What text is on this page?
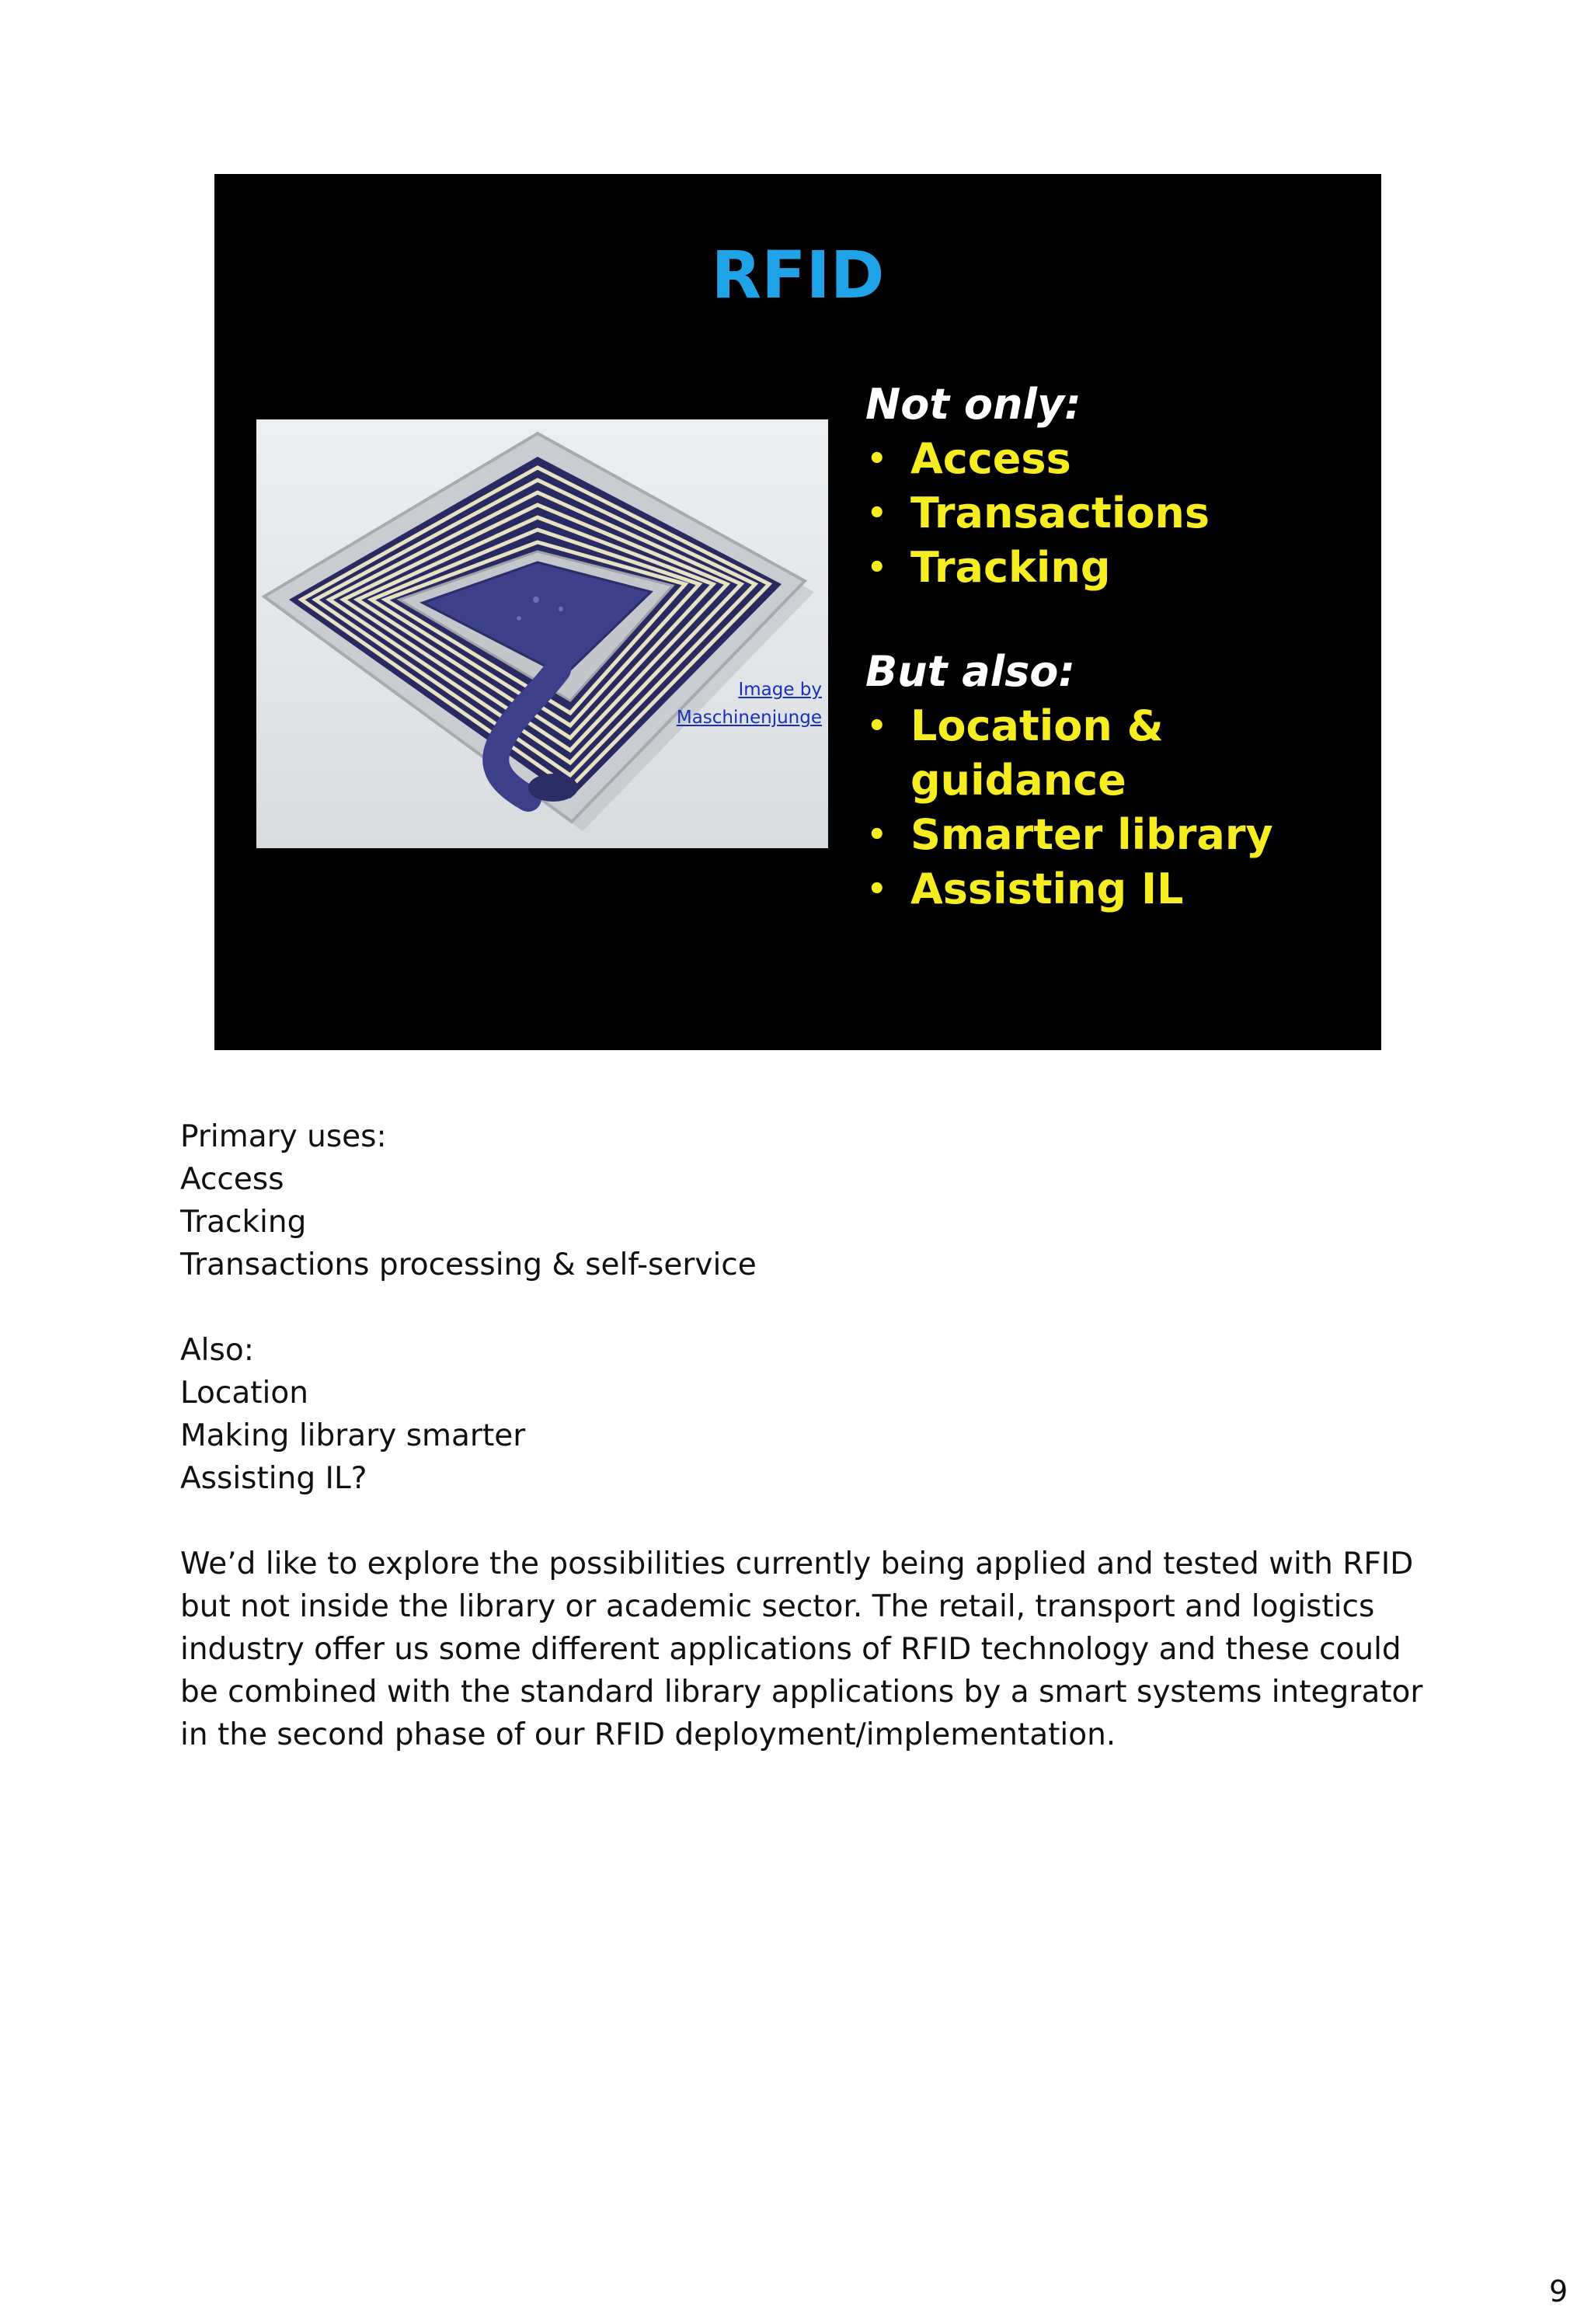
RFID
Image by
Maschinenjunge

Not only:

• Access
• Transactions
• Tracking

But also:

• Location & guidance
• Smarter library
• Assisting IL
Primary uses:
Access
Tracking
Transactions processing & self-service
Also:
Location
Making library smarter
Assisting IL?
We’d like to explore the possibilities currently being applied and tested with RFID but not inside the library or academic sector. The retail, transport and logistics industry offer us some different applications of RFID technology and these could be combined with the standard library applications by a smart systems integrator in the second phase of our RFID deployment/implementation.
9
